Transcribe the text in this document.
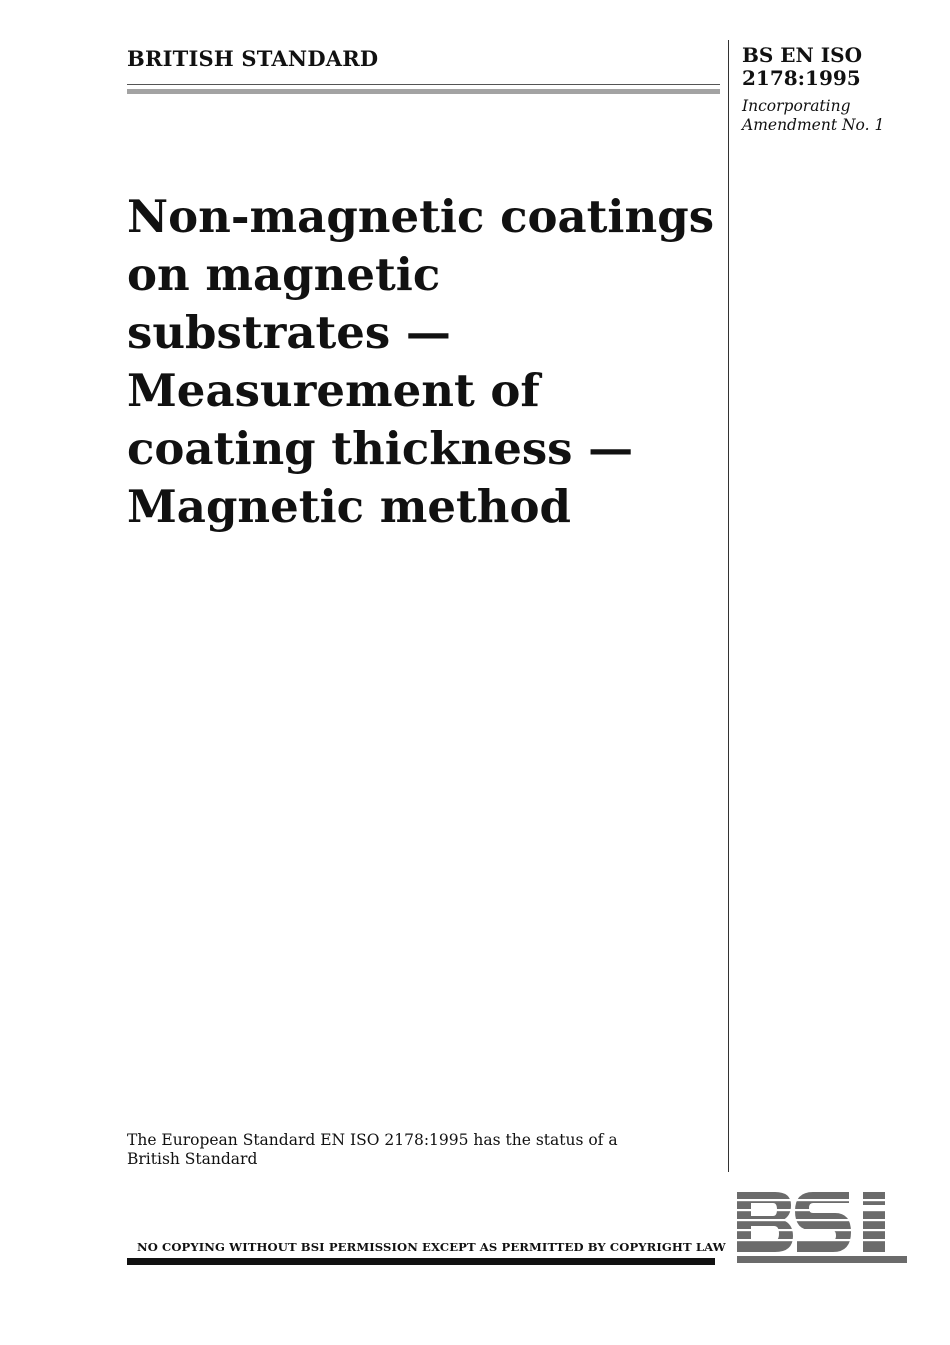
BRITISH STANDARD	BS EN ISO
2178:1995
Incorporating
Amendment No. 1
Non-magnetic coatings
on magnetic
substrates —
Measurement of
coating thickness —
Magnetic method
The European Standard EN ISO 2178:1995 has the status of a
British Standard
NO COPYING WITHOUT BSI PERMISSION EXCEPT AS PERMITTED BY COPYRIGHT LAW
